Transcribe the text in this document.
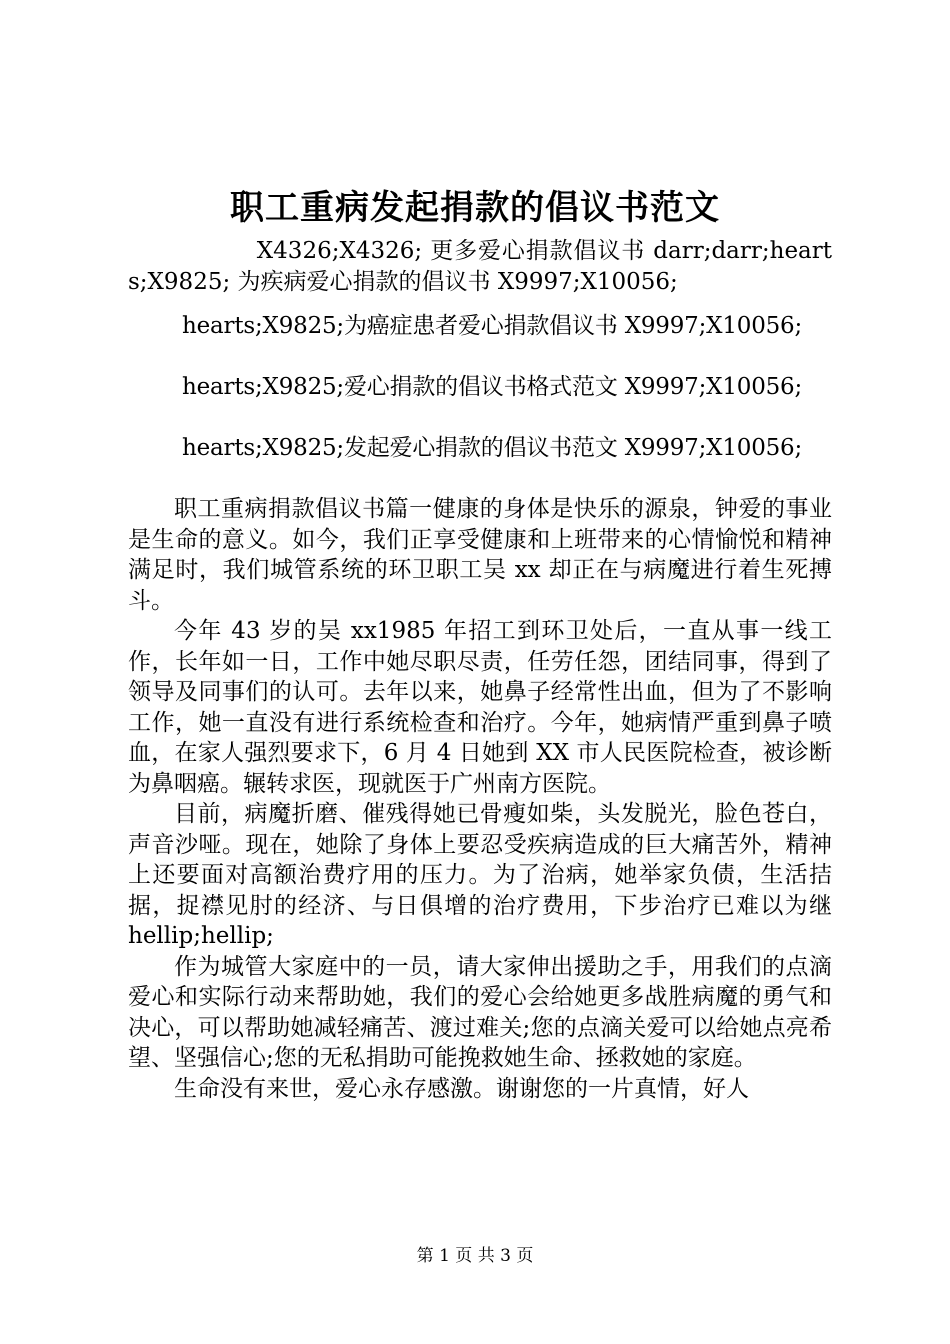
职工重病发起捐款的倡议书范文

X4326;X4326; 更多爱心捐款倡议书 darr;darr;hearts;X9825; 为疾病爱心捐款的倡议书 X9997;X10056;

hearts;X9825;为癌症患者爱心捐款倡议书 X9997;X10056;

hearts;X9825;爱心捐款的倡议书格式范文 X9997;X10056;

hearts;X9825;发起爱心捐款的倡议书范文 X9997;X10056;

职工重病捐款倡议书篇一健康的身体是快乐的源泉，钟爱的事业是生命的意义。如今，我们正享受健康和上班带来的心情愉悦和精神满足时，我们城管系统的环卫职工吴 xx 却正在与病魔进行着生死搏斗。

今年 43 岁的吴 xx1985 年招工到环卫处后，一直从事一线工作，长年如一日，工作中她尽职尽责，任劳任怨，团结同事，得到了领导及同事们的认可。去年以来，她鼻子经常性出血，但为了不影响工作，她一直没有进行系统检查和治疗。今年，她病情严重到鼻子喷血，在家人强烈要求下，6 月 4 日她到 XX 市人民医院检查，被诊断为鼻咽癌。辗转求医，现就医于广州南方医院。

目前，病魔折磨、催残得她已骨瘦如柴，头发脱光，脸色苍白，声音沙哑。现在，她除了身体上要忍受疾病造成的巨大痛苦外，精神上还要面对高额治费疗用的压力。为了治病，她举家负债，生活拮据，捉襟见肘的经济、与日俱增的治疗费用，下步治疗已难以为继 hellip;hellip;

作为城管大家庭中的一员，请大家伸出援助之手，用我们的点滴爱心和实际行动来帮助她，我们的爱心会给她更多战胜病魔的勇气和决心，可以帮助她减轻痛苦、渡过难关;您的点滴关爱可以给她点亮希望、坚强信心;您的无私捐助可能挽救她生命、拯救她的家庭。

生命没有来世，爱心永存感激。谢谢您的一片真情，好人

第 1 页 共 3 页
